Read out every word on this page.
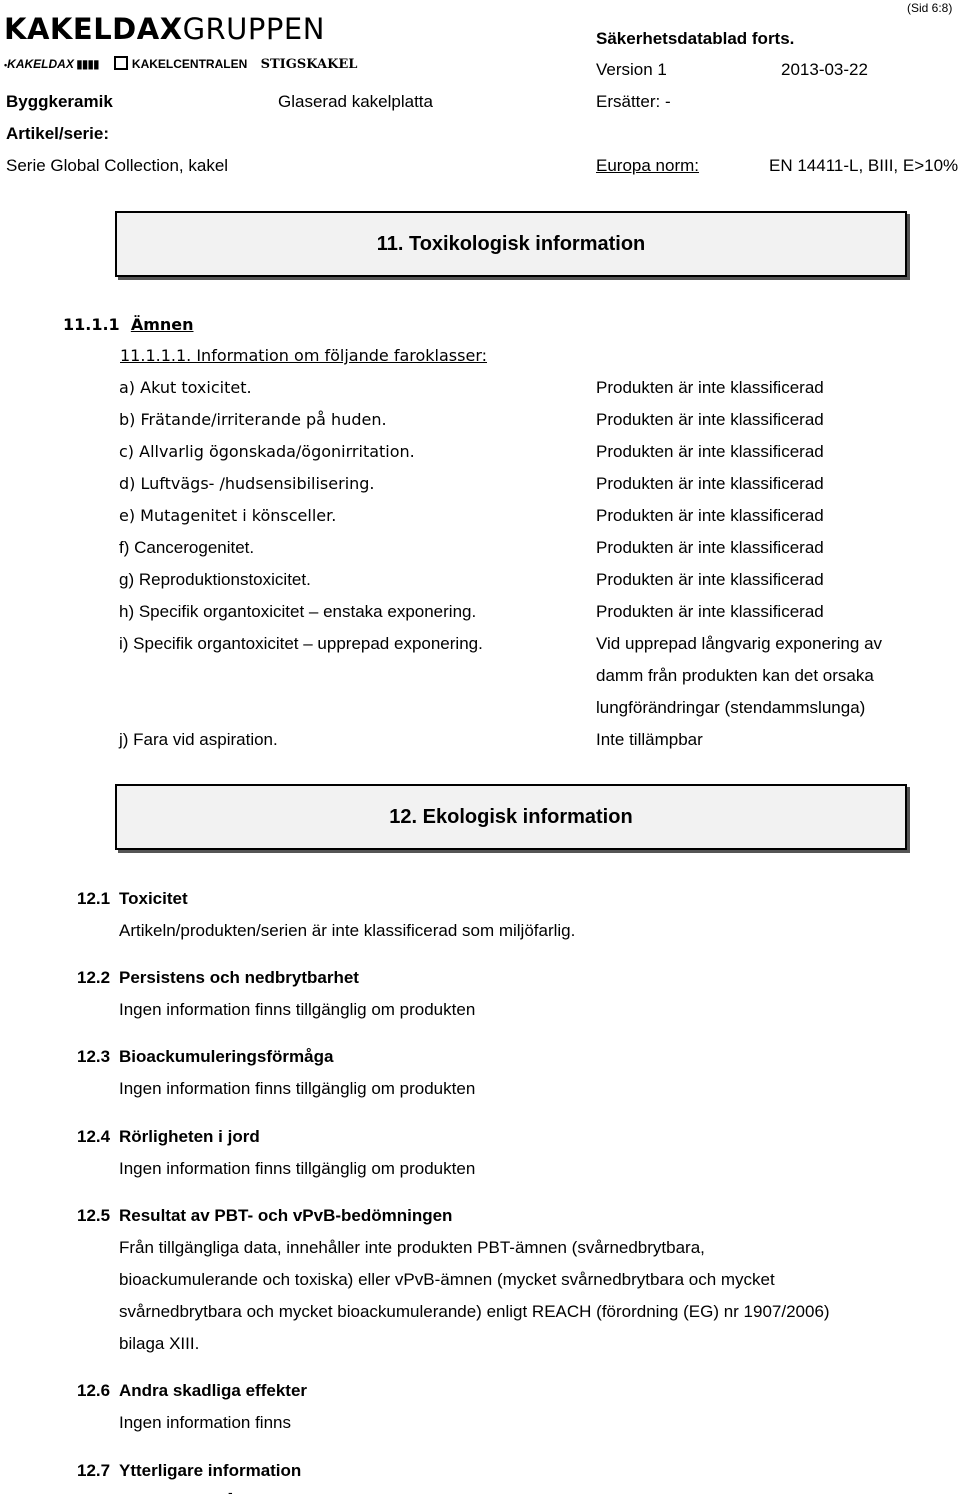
(Sid 6:8)
KAKELDAXGRUPPEN
•KAKELDAX ▮▮▮▮	KAKELCENTRALEN STIGSKAKEL
Säkerhetsdatablad forts.
Version 1	2013-03-22
Byggkeramik	Glaserad kakelplatta	Ersätter: -
Artikel/serie:
Serie Global Collection, kakel	Europa norm:	EN 14411-L, BIII, E>10%
11. Toxikologisk information
11.1.1 Ämnen
11.1.1.1. Information om följande faroklasser:
a) Akut toxicitet.	Produkten är inte klassificerad
b) Frätande/irriterande på huden.	Produkten är inte klassificerad
c) Allvarlig ögonskada/ögonirritation.	Produkten är inte klassificerad
d) Luftvägs- /hudsensibilisering.	Produkten är inte klassificerad
e) Mutagenitet i könsceller.	Produkten är inte klassificerad
f) Cancerogenitet.	Produkten är inte klassificerad
g) Reproduktionstoxicitet.	Produkten är inte klassificerad
h) Specifik organtoxicitet – enstaka exponering.	Produkten är inte klassificerad
i) Specifik organtoxicitet – upprepad exponering.	Vid upprepad långvarig exponering av
damm från produkten kan det orsaka
lungförändringar (stendammslunga)
j) Fara vid aspiration.	Inte tillämpbar
12. Ekologisk information
12.1 Toxicitet
Artikeln/produkten/serien är inte klassificerad som miljöfarlig.
12.2 Persistens och nedbrytbarhet
Ingen information finns tillgänglig om produkten
12.3 Bioackumuleringsförmåga
Ingen information finns tillgänglig om produkten
12.4 Rörligheten i jord
Ingen information finns tillgänglig om produkten
12.5 Resultat av PBT- och vPvB-bedömningen
Från tillgängliga data, innehåller inte produkten PBT-ämnen (svårnedbrytbara,
bioackumulerande och toxiska) eller vPvB-ämnen (mycket svårnedbrytbara och mycket
svårnedbrytbara och mycket bioackumulerande) enligt REACH (förordning (EG) nr 1907/2006)
bilaga XIII.
12.6 Andra skadliga effekter
Ingen information finns
12.7 Ytterligare information
-
